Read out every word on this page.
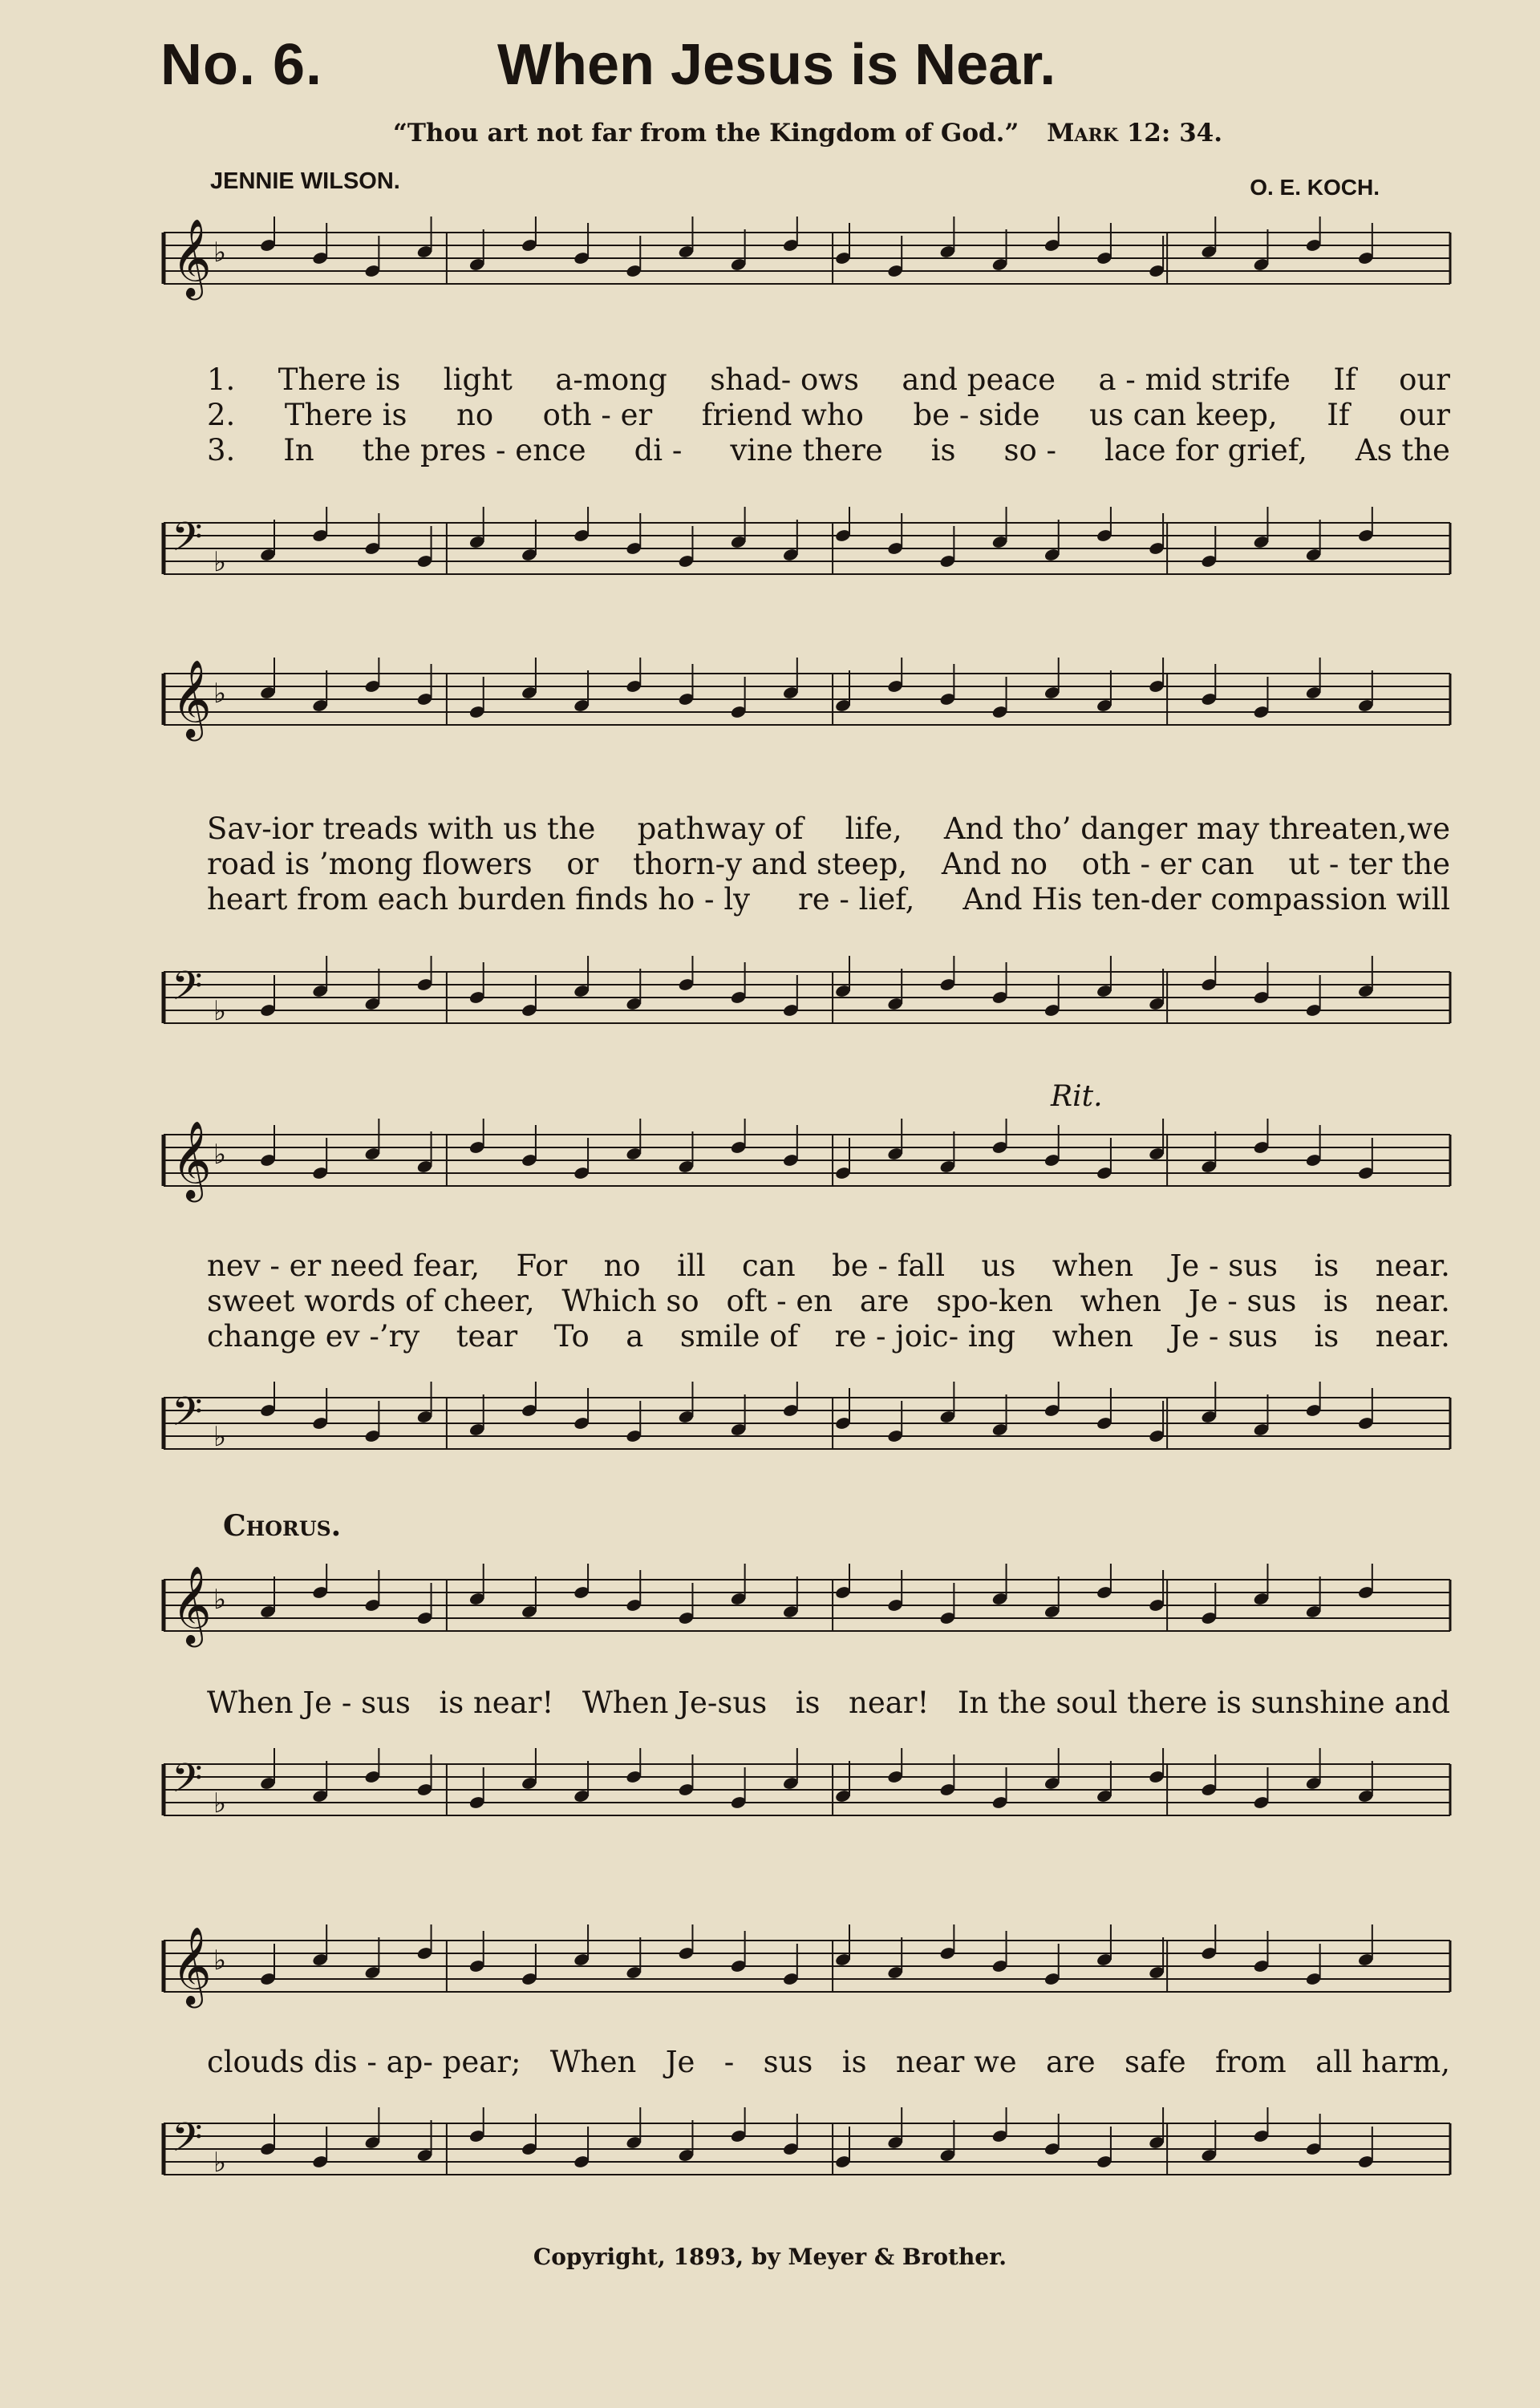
No. 6.	When Jesus is Near.
“Thou art not far from the Kingdom of God.” Mark 12: 34.
JENNIE WILSON.	O. E. KOCH.
𝄞 ♭
1. There is light a-mong shad- ows and peace a - mid strife If our
2. There is no oth - er friend who be - side us can keep, If our
3. In the pres - ence di - vine there is so - lace for grief, As the
𝄢 ♭
𝄞 ♭
Sav-ior treads with us the pathway of life, And tho’ danger may threaten,we
road is ’mong flowers or thorn-y and steep, And no oth - er can ut - ter the
heart from each burden finds ho - ly re - lief, And His ten-der compassion will
𝄢 ♭
Rit.
𝄞 ♭
nev - er need fear, For no ill can be - fall us when Je - sus is near.
sweet words of cheer, Which so oft - en are spo-ken when Je - sus is near.
change ev -’ry tear To a smile of re - joic- ing when Je - sus is near.
𝄢 ♭
Chorus.
𝄞 ♭
When Je - sus is near! When Je-sus is near! In the soul there is sunshine and
𝄢 ♭
𝄞 ♭
clouds dis - ap- pear; When Je - sus is near we are safe from all harm,
𝄢 ♭
Copyright, 1893, by Meyer & Brother.
